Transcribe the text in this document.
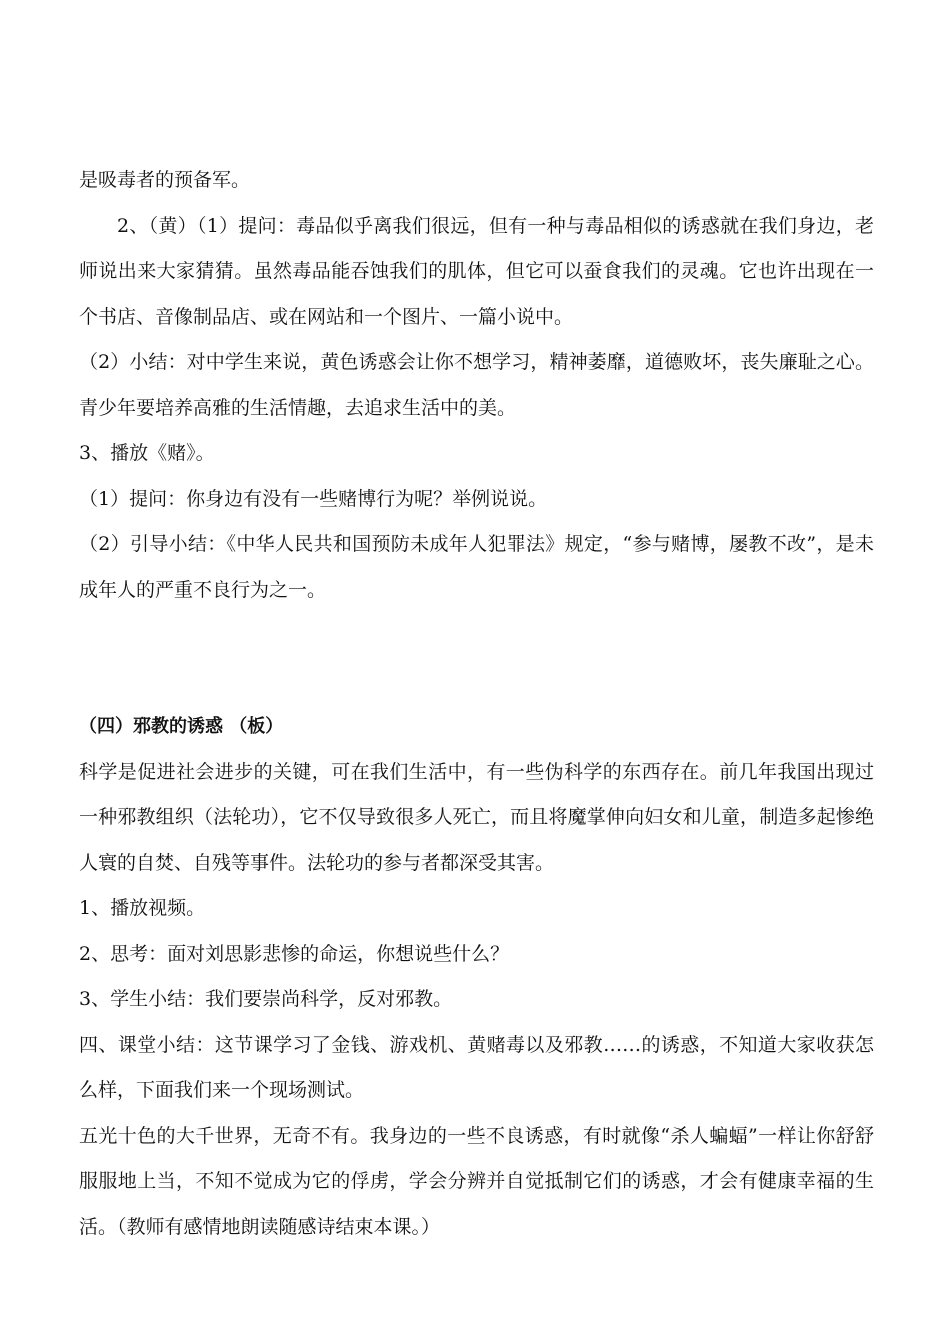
是吸毒者的预备军。

2、（黄）（1）提问：毒品似乎离我们很远，但有一种与毒品相似的诱惑就在我们身边，老师说出来大家猜猜。虽然毒品能吞蚀我们的肌体，但它可以蚕食我们的灵魂。它也许出现在一个书店、音像制品店、或在网站和一个图片、一篇小说中。

（2）小结：对中学生来说，黄色诱惑会让你不想学习，精神萎靡，道德败坏，丧失廉耻之心。青少年要培养高雅的生活情趣，去追求生活中的美。

3、播放《赌》。

（1）提问：你身边有没有一些赌博行为呢？举例说说。

（2）引导小结：《中华人民共和国预防未成年人犯罪法》规定，“参与赌博，屡教不改”，是未成年人的严重不良行为之一。

（四）邪教的诱惑 （板）

科学是促进社会进步的关键，可在我们生活中，有一些伪科学的东西存在。前几年我国出现过一种邪教组织（法轮功），它不仅导致很多人死亡，而且将魔掌伸向妇女和儿童，制造多起惨绝人寰的自焚、自残等事件。法轮功的参与者都深受其害。

1、播放视频。

2、思考：面对刘思影悲惨的命运，你想说些什么？

3、学生小结：我们要崇尚科学，反对邪教。

四、课堂小结：这节课学习了金钱、游戏机、黄赌毒以及邪教……的诱惑，不知道大家收获怎么样，下面我们来一个现场测试。

五光十色的大千世界，无奇不有。我身边的一些不良诱惑，有时就像“杀人蝙蝠”一样让你舒舒服服地上当，不知不觉成为它的俘虏，学会分辨并自觉抵制它们的诱惑，才会有健康幸福的生活。（教师有感情地朗读随感诗结束本课。）
